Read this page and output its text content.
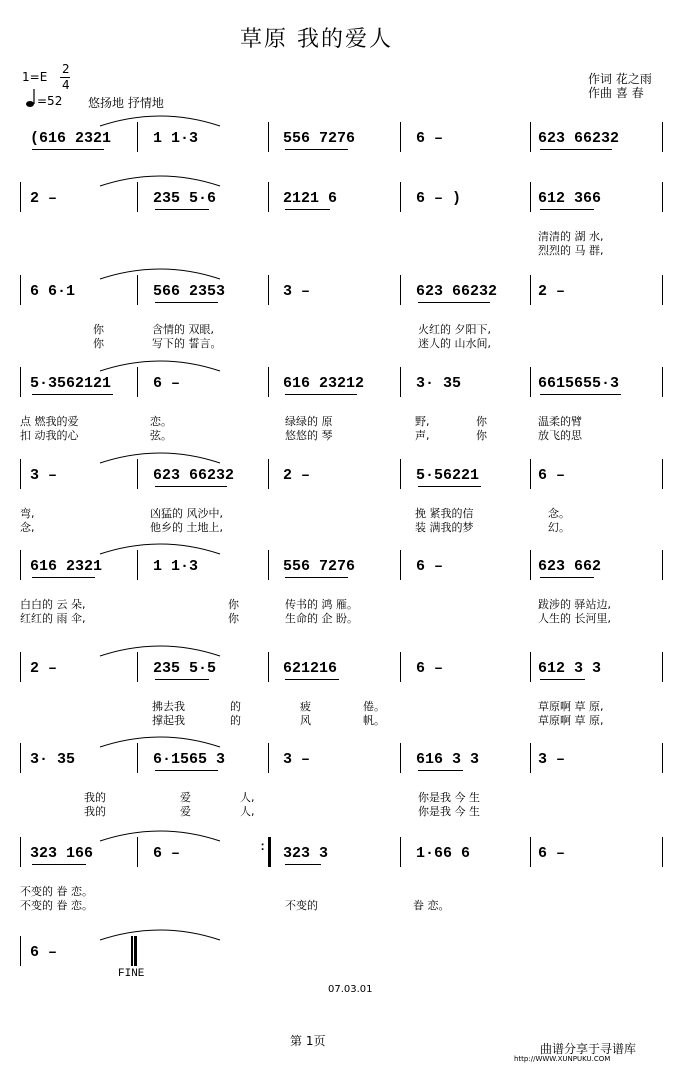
草原 我的爱人
1=E
2
4
=52 悠扬地 抒情地
作词 花之雨
作曲 喜 春
(616 2321	1 1·3	556 7276	6 –	623 66232
2 –	235 5·6	2121 6	6 – )	612 366
清清的 湖 水,
烈烈的 马 群,
6 6·1	566 2353	3 –	623 66232	2 –
你	含情的 双眼,	火红的 夕阳下,
你	写下的 誓言。	迷人的 山水间,
5·3562121	6 –	616 23212	3· 35	6615655·3
点 燃我的爱	恋。	绿绿的 原	野,	你	温柔的臂
扣 动我的心	弦。	悠悠的 琴	声,	你	放飞的思
3 –	623 66232	2 –	5·56221	6 –
弯,	凶猛的 风沙中,	挽 紧我的信	念。
念,	他乡的 土地上,	装 满我的梦	幻。
616 2321	1 1·3	556 7276	6 –	623 662
白白的 云 朵,	你	传书的 鸿 雁。	跋涉的 驿站边,
红红的 雨 伞,	你	生命的 企 盼。	人生的 长河里,
2 –	235 5·5	621216	6 –	612 3 3
拂去我	的	疲	倦。	草原啊 草 原,
撑起我	的	风	帆。	草原啊 草 原,
3· 35	6·1565 3	3 –	616 3 3	3 –
我的	爱	人,	你是我 今 生
我的	爱	人,	你是我 今 生
323 166	6 –	323 3	1·66 6	6 –
不变的 眷 恋。
不变的 眷 恋。	不变的	眷 恋。
6 –
:
FINE
07.03.01
第 1页
曲谱分享于寻谱库
http://WWW.XUNPUKU.COM
